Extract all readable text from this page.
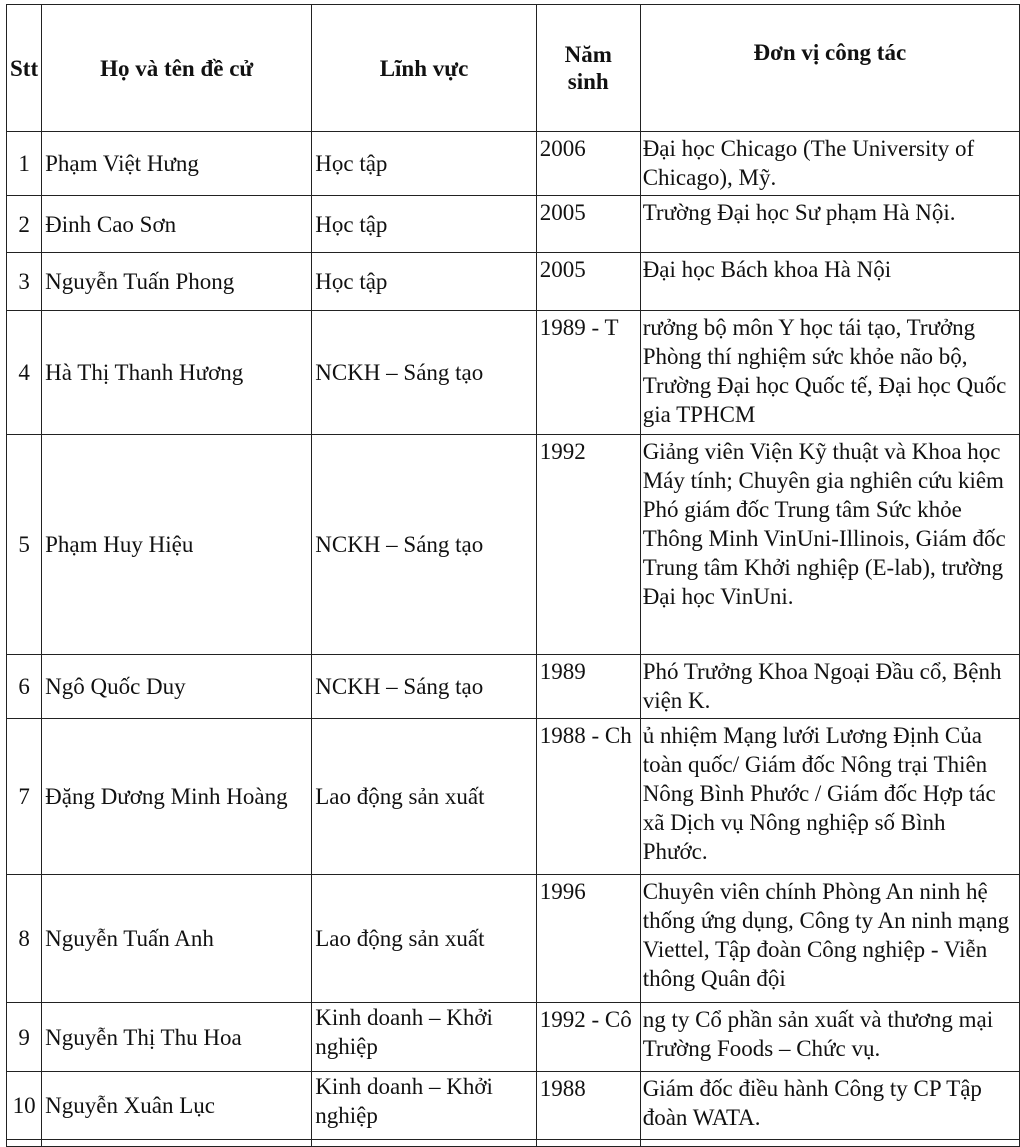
Stt	Họ và tên đề cử	Lĩnh vực	Năm sinh	Đơn vị công tác
1	Phạm Việt Hưng	Học tập	2006	Đại học Chicago (The University of Chicago), Mỹ.
2	Đinh Cao Sơn	Học tập	2005	Trường Đại học Sư phạm Hà Nội.
3	Nguyễn Tuấn Phong	Học tập	2005	Đại học Bách khoa Hà Nội
4	Hà Thị Thanh Hương	NCKH – Sáng tạo	1989 - T	rưởng bộ môn Y học tái tạo, Trưởng Phòng thí nghiệm sức khỏe não bộ, Trường Đại học Quốc tế, Đại học Quốc gia TPHCM
5	Phạm Huy Hiệu	NCKH – Sáng tạo	1992	Giảng viên Viện Kỹ thuật và Khoa học Máy tính; Chuyên gia nghiên cứu kiêm Phó giám đốc Trung tâm Sức khỏe Thông Minh VinUni-Illinois, Giám đốc Trung tâm Khởi nghiệp (E-lab), trường Đại học VinUni.
6	Ngô Quốc Duy	NCKH – Sáng tạo	1989	Phó Trưởng Khoa Ngoại Đầu cổ, Bệnh viện K.
7	Đặng Dương Minh Hoàng	Lao động sản xuất	1988 - Ch	ủ nhiệm Mạng lưới Lương Định Của toàn quốc/ Giám đốc Nông trại Thiên Nông Bình Phước / Giám đốc Hợp tác xã Dịch vụ Nông nghiệp số Bình Phước.
8	Nguyễn Tuấn Anh	Lao động sản xuất	1996	Chuyên viên chính Phòng An ninh hệ thống ứng dụng, Công ty An ninh mạng Viettel, Tập đoàn Công nghiệp - Viễn thông Quân đội
9	Nguyễn Thị Thu Hoa	Kinh doanh – Khởi nghiệp	1992 - Cô	ng ty Cổ phần sản xuất và thương mại Trường Foods – Chức vụ.
10	Nguyễn Xuân Lục	Kinh doanh – Khởi nghiệp	1988	Giám đốc điều hành Công ty CP Tập đoàn WATA.
